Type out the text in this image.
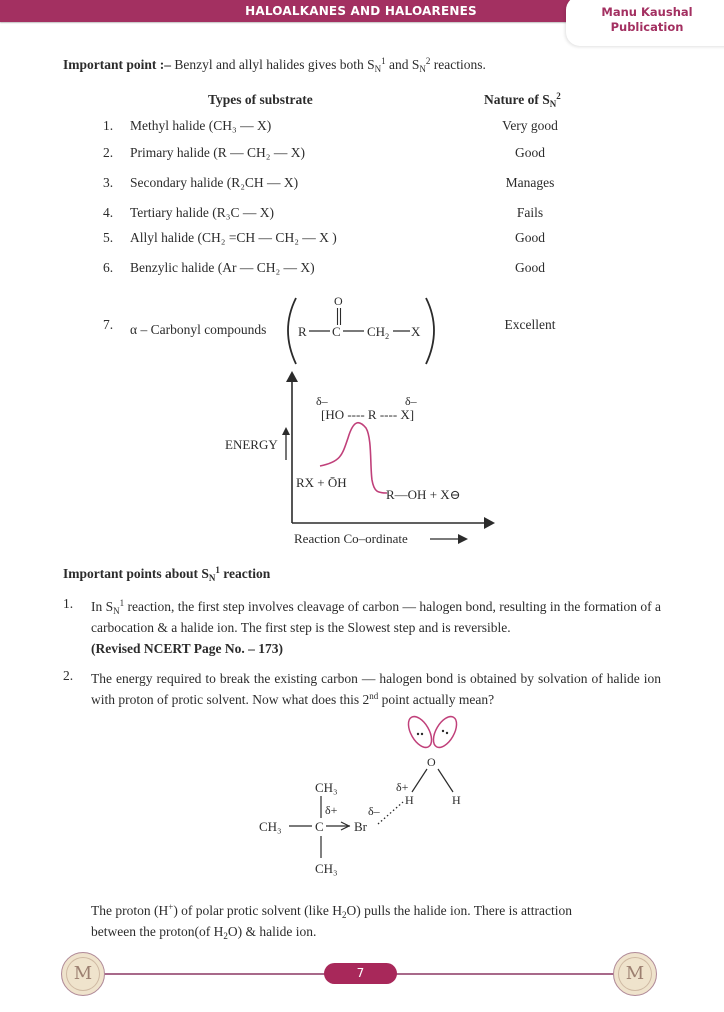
HALOALKANES AND HALOARENES	Manu Kaushal
Publication
Important point :– Benzyl and allyl halides gives both $S_N^1$ and $S_N^2$ reactions.
Types of substrate	Nature of $S_N^2$
1. Methyl halide (CH₃ — X)	Very good
2. Primary halide (R — CH₂ — X)	Good
3. Secondary halide (R₂CH — X)	Manages
4. Tertiary halide (R₃C — X)	Fails
5. Allyl halide (CH₂ =CH — CH₂ — X )	Good
6. Benzylic halide (Ar — CH₂ — X)	Good
7. α – Carbonyl compounds	Excellent
R C
O
$CH_2$ X
ENERGY
δ–	δ–
[HO ---- R ---- X]
RX + ŌH
R—OH + X⊖
Reaction Co–ordinate
Important points about $S_N^1$ reaction
1. In $S_N^1$ reaction, the first step involves cleavage of carbon — halogen bond, resulting in the formation of a carbocation & a halide ion. The first step is the Slowest step and is reversible.
(Revised NCERT Page No. – 173)
2. The energy required to break the existing carbon — halogen bond is obtained by solvation of halide ion with proton of protic solvent. Now what does this 2nd point actually mean?
O
δ+
H	H
δ–
CH₃
δ+
CH₃	C Br
CH₃
The proton (H+) of polar protic solvent (like $H_2O$) pulls the halide ion. There is attraction
between the proton(of $H_2O$) & halide ion.
M	M
7
